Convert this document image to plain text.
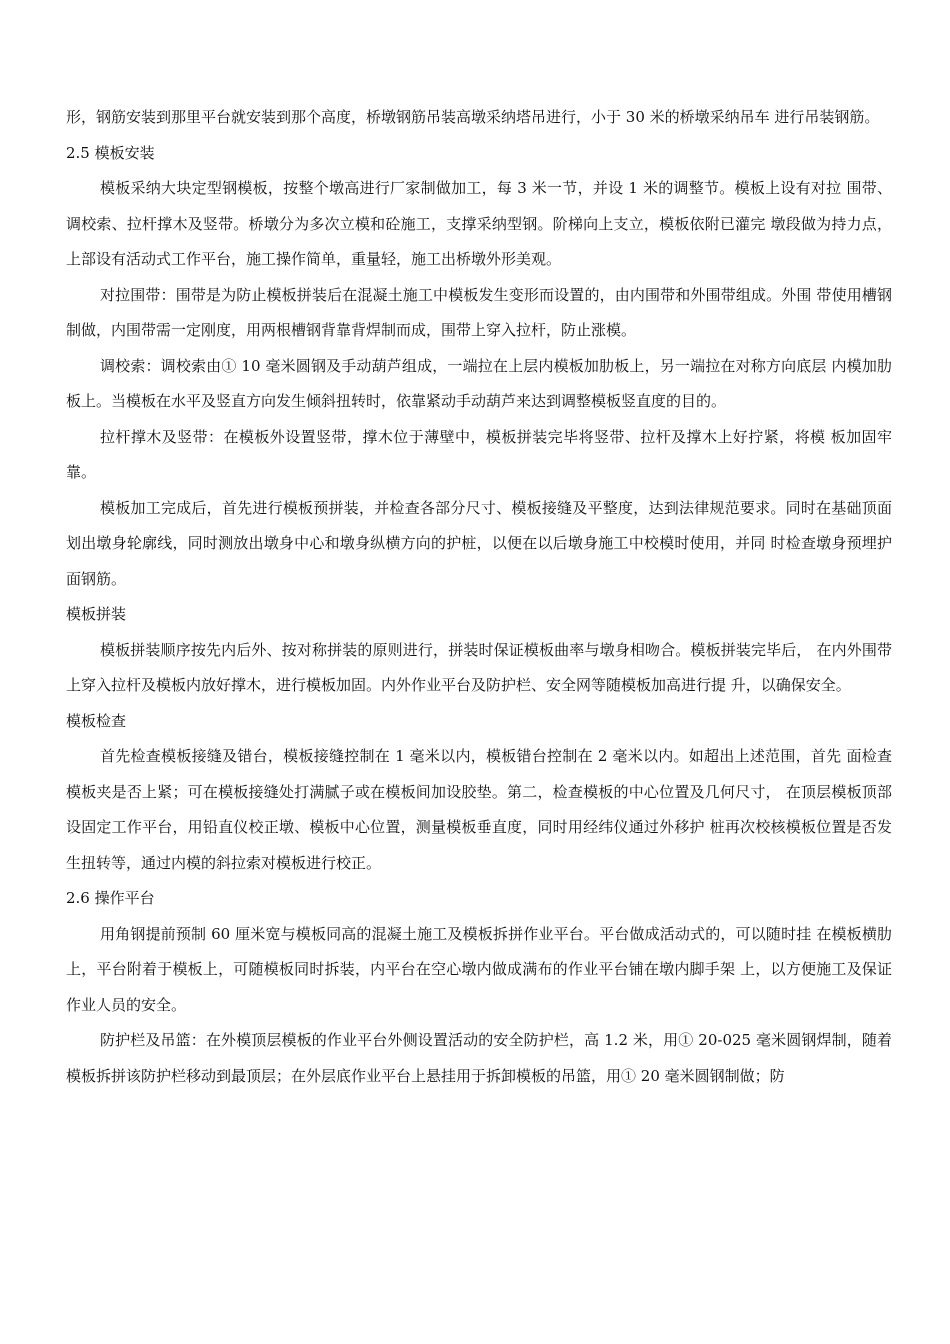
形，钢筋安装到那里平台就安装到那个高度，桥墩钢筋吊装高墩采纳塔吊进行，小于 30 米的桥墩采纳吊车 进行吊装钢筋。

2.5 模板安装

模板采纳大块定型钢模板，按整个墩高进行厂家制做加工，每 3 米一节，并设 1 米的调整节。模板上设有对拉 围带、调校索、拉杆撑木及竖带。桥墩分为多次立模和砼施工，支撑采纳型钢。阶梯向上支立，模板依附已灌完 墩段做为持力点，上部设有活动式工作平台，施工操作简单，重量轻，施工出桥墩外形美观。

对拉围带：围带是为防止模板拼装后在混凝土施工中模板发生变形而设置的，由内围带和外围带组成。外围 带使用槽钢制做，内围带需一定刚度，用两根槽钢背靠背焊制而成，围带上穿入拉杆，防止涨模。

调校索：调校索由① 10 毫米圆钢及手动葫芦组成，一端拉在上层内模板加肋板上，另一端拉在对称方向底层 内模加肋板上。当模板在水平及竖直方向发生倾斜扭转时，依靠紧动手动葫芦来达到调整模板竖直度的目的。

拉杆撑木及竖带：在模板外设置竖带，撑木位于薄壁中，模板拼装完毕将竖带、拉杆及撑木上好拧紧，将模 板加固牢靠。

模板加工完成后，首先进行模板预拼装，并检查各部分尺寸、模板接缝及平整度，达到法律规范要求。同时在基础顶面划出墩身轮廓线，同时测放出墩身中心和墩身纵横方向的护桩，以便在以后墩身施工中校模时使用，并同 时检查墩身预埋护面钢筋。

模板拼装

模板拼装顺序按先内后外、按对称拼装的原则进行，拼装时保证模板曲率与墩身相吻合。模板拼装完毕后， 在内外围带上穿入拉杆及模板内放好撑木，进行模板加固。内外作业平台及防护栏、安全网等随模板加高进行提 升，以确保安全。

模板检查

首先检查模板接缝及错台，模板接缝控制在 1 毫米以内，模板错台控制在 2 毫米以内。如超出上述范围，首先 面检查模板夹是否上紧；可在模板接缝处打满腻子或在模板间加设胶垫。第二，检查模板的中心位置及几何尺寸， 在顶层模板顶部设固定工作平台，用铅直仪校正墩、模板中心位置，测量模板垂直度，同时用经纬仪通过外移护 桩再次校核模板位置是否发生扭转等，通过内模的斜拉索对模板进行校正。

2.6 操作平台

用角钢提前预制 60 厘米宽与模板同高的混凝土施工及模板拆拼作业平台。平台做成活动式的，可以随时挂 在模板横肋上，平台附着于模板上，可随模板同时拆装，内平台在空心墩内做成满布的作业平台铺在墩内脚手架 上，以方便施工及保证作业人员的安全。

防护栏及吊篮：在外模顶层模板的作业平台外侧设置活动的安全防护栏，高 1.2 米，用① 20-025 毫米圆钢焊制，随着模板拆拼该防护栏移动到最顶层；在外层底作业平台上悬挂用于拆卸模板的吊篮，用① 20 毫米圆钢制做；防
